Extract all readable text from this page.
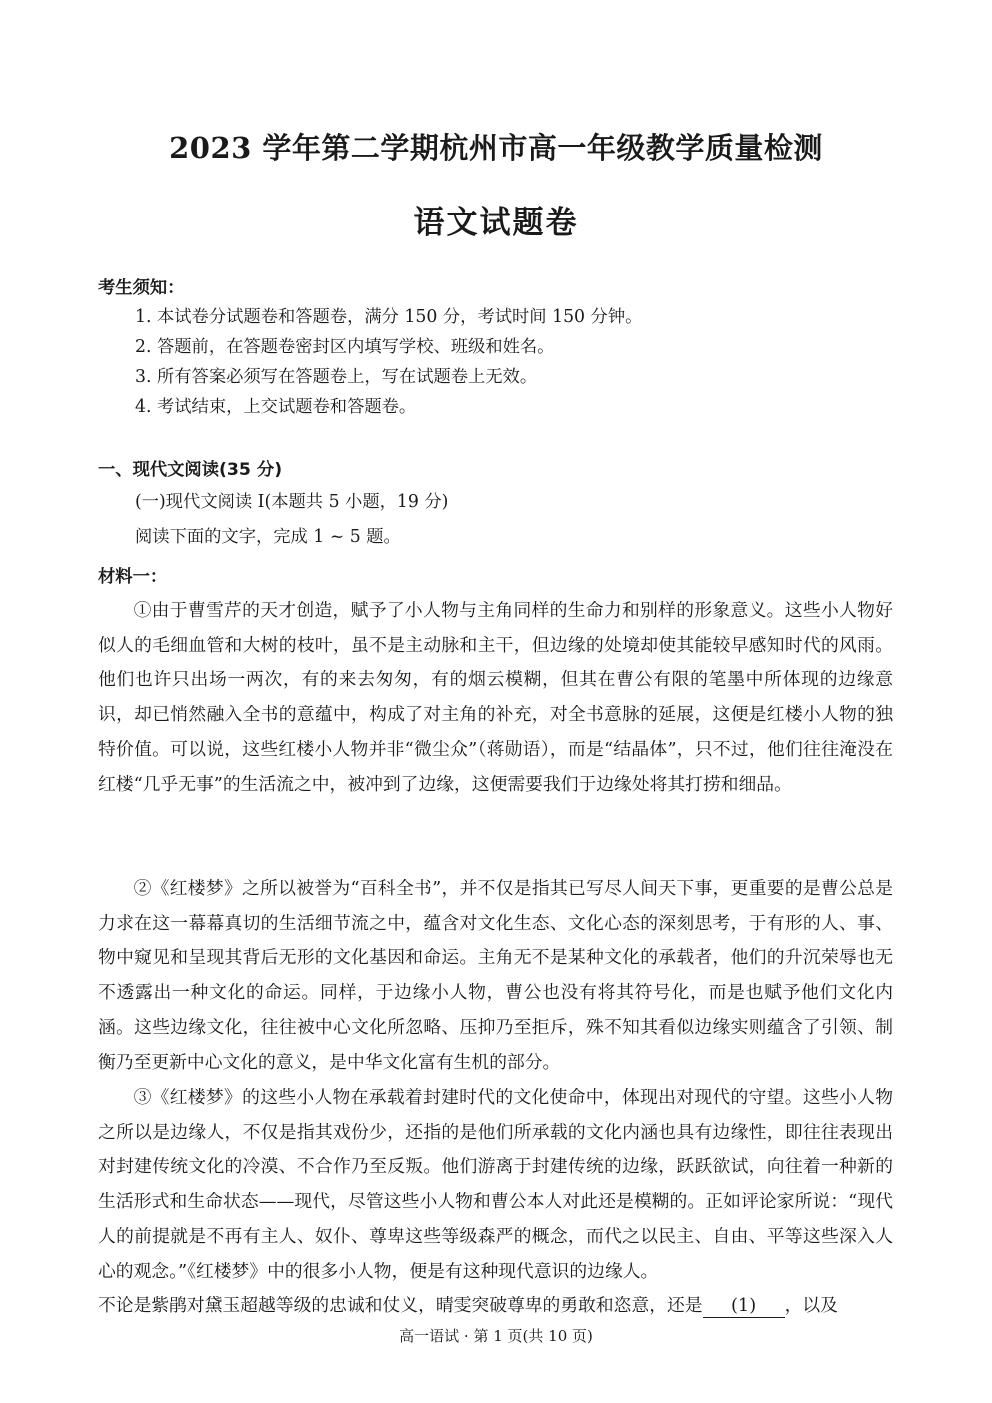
2023 学年第二学期杭州市高一年级教学质量检测
语文试题卷
考生须知：
1. 本试卷分试题卷和答题卷，满分 150 分，考试时间 150 分钟。
2. 答题前，在答题卷密封区内填写学校、班级和姓名。
3. 所有答案必须写在答题卷上，写在试题卷上无效。
4. 考试结束，上交试题卷和答题卷。
一、现代文阅读(35 分)
(一)现代文阅读 Ⅰ(本题共 5 小题，19 分)
阅读下面的文字，完成 1 ~ 5 题。
材料一：

①由于曹雪芹的天才创造，赋予了小人物与主角同样的生命力和别样的形象意义。这些小人物好似人的毛细血管和大树的枝叶，虽不是主动脉和主干，但边缘的处境却使其能较早感知时代的风雨。他们也许只出场一两次，有的来去匆匆，有的烟云模糊，但其在曹公有限的笔墨中所体现的边缘意识，却已悄然融入全书的意蕴中，构成了对主角的补充，对全书意脉的延展，这便是红楼小人物的独特价值。可以说，这些红楼小人物并非“微尘众”（蒋勋语），而是“结晶体”，只不过，他们往往淹没在红楼“几乎无事”的生活流之中，被冲到了边缘，这便需要我们于边缘处将其打捞和细品。

②《红楼梦》之所以被誉为“百科全书”，并不仅是指其已写尽人间天下事，更重要的是曹公总是力求在这一幕幕真切的生活细节流之中，蕴含对文化生态、文化心态的深刻思考，于有形的人、事、物中窥见和呈现其背后无形的文化基因和命运。主角无不是某种文化的承载者，他们的升沉荣辱也无不透露出一种文化的命运。同样，于边缘小人物，曹公也没有将其符号化，而是也赋予他们文化内涵。这些边缘文化，往往被中心文化所忽略、压抑乃至拒斥，殊不知其看似边缘实则蕴含了引领、制衡乃至更新中心文化的意义，是中华文化富有生机的部分。

③《红楼梦》的这些小人物在承载着封建时代的文化使命中，体现出对现代的守望。这些小人物之所以是边缘人，不仅是指其戏份少，还指的是他们所承载的文化内涵也具有边缘性，即往往表现出对封建传统文化的冷漠、不合作乃至反叛。他们游离于封建传统的边缘，跃跃欲试，向往着一种新的生活形式和生命状态——现代，尽管这些小人物和曹公本人对此还是模糊的。正如评论家所说：“现代人的前提就是不再有主人、奴仆、尊卑这些等级森严的概念，而代之以民主、自由、平等这些深入人心的观念。”《红楼梦》中的很多小人物，便是有这种现代意识的边缘人。

不论是紫鹃对黛玉超越等级的忠诚和仗义，晴雯突破尊卑的勇敢和恣意，还是 (1) ，以及
高一语试 · 第 1 页(共 10 页)
